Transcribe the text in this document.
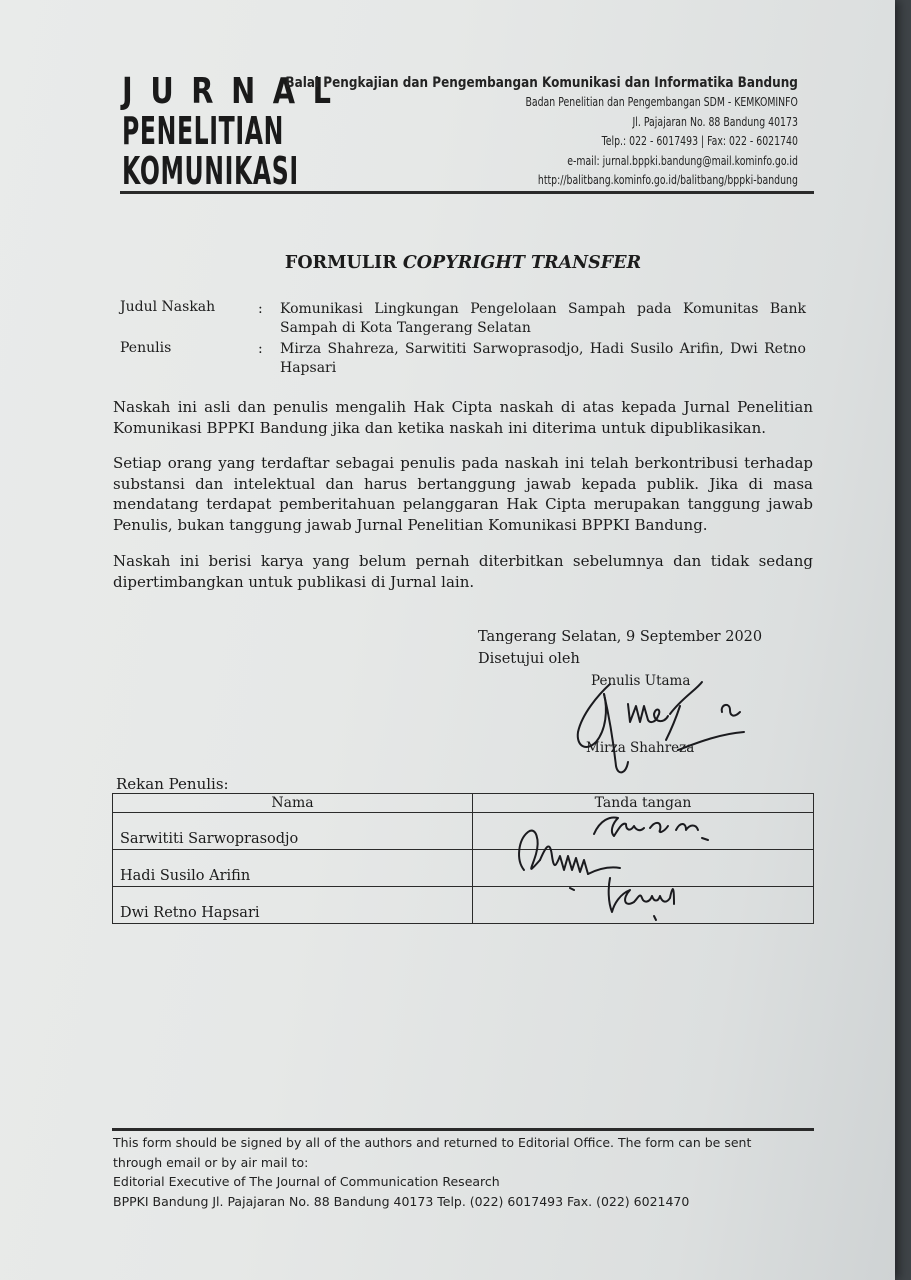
JURNAL
PENELITIAN
KOMUNIKASI
Balai Pengkajian dan Pengembangan Komunikasi dan Informatika Bandung
Badan Penelitian dan Pengembangan SDM - KEMKOMINFO
Jl. Pajajaran No. 88 Bandung 40173
Telp.: 022 - 6017493 | Fax: 022 - 6021740
e-mail: jurnal.bppki.bandung@mail.kominfo.go.id
http://balitbang.kominfo.go.id/balitbang/bppki-bandung
FORMULIR COPYRIGHT TRANSFER
Judul Naskah	: Komunikasi Lingkungan Pengelolaan Sampah pada Komunitas Bank Sampah di Kota Tangerang Selatan
Penulis	: Mirza Shahreza, Sarwititi Sarwoprasodjo, Hadi Susilo Arifin, Dwi Retno Hapsari
Naskah ini asli dan penulis mengalih Hak Cipta naskah di atas kepada Jurnal Penelitian Komunikasi BPPKI Bandung jika dan ketika naskah ini diterima untuk dipublikasikan.
Setiap orang yang terdaftar sebagai penulis pada naskah ini telah berkontribusi terhadap substansi dan intelektual dan harus bertanggung jawab kepada publik. Jika di masa mendatang terdapat pemberitahuan pelanggaran Hak Cipta merupakan tanggung jawab Penulis, bukan tanggung jawab Jurnal Penelitian Komunikasi BPPKI Bandung.
Naskah ini berisi karya yang belum pernah diterbitkan sebelumnya dan tidak sedang dipertimbangkan untuk publikasi di Jurnal lain.
Tangerang Selatan, 9 September 2020
Disetujui oleh
Penulis Utama
Mirza Shahreza
Rekan Penulis:
Nama	Tanda tangan
Sarwititi Sarwoprasodjo	
Hadi Susilo Arifin	
Dwi Retno Hapsari	
This form should be signed by all of the authors and returned to Editorial Office. The form can be sent
through email or by air mail to:
Editorial Executive of The Journal of Communication Research
BPPKI Bandung Jl. Pajajaran No. 88 Bandung 40173 Telp. (022) 6017493 Fax. (022) 6021470
